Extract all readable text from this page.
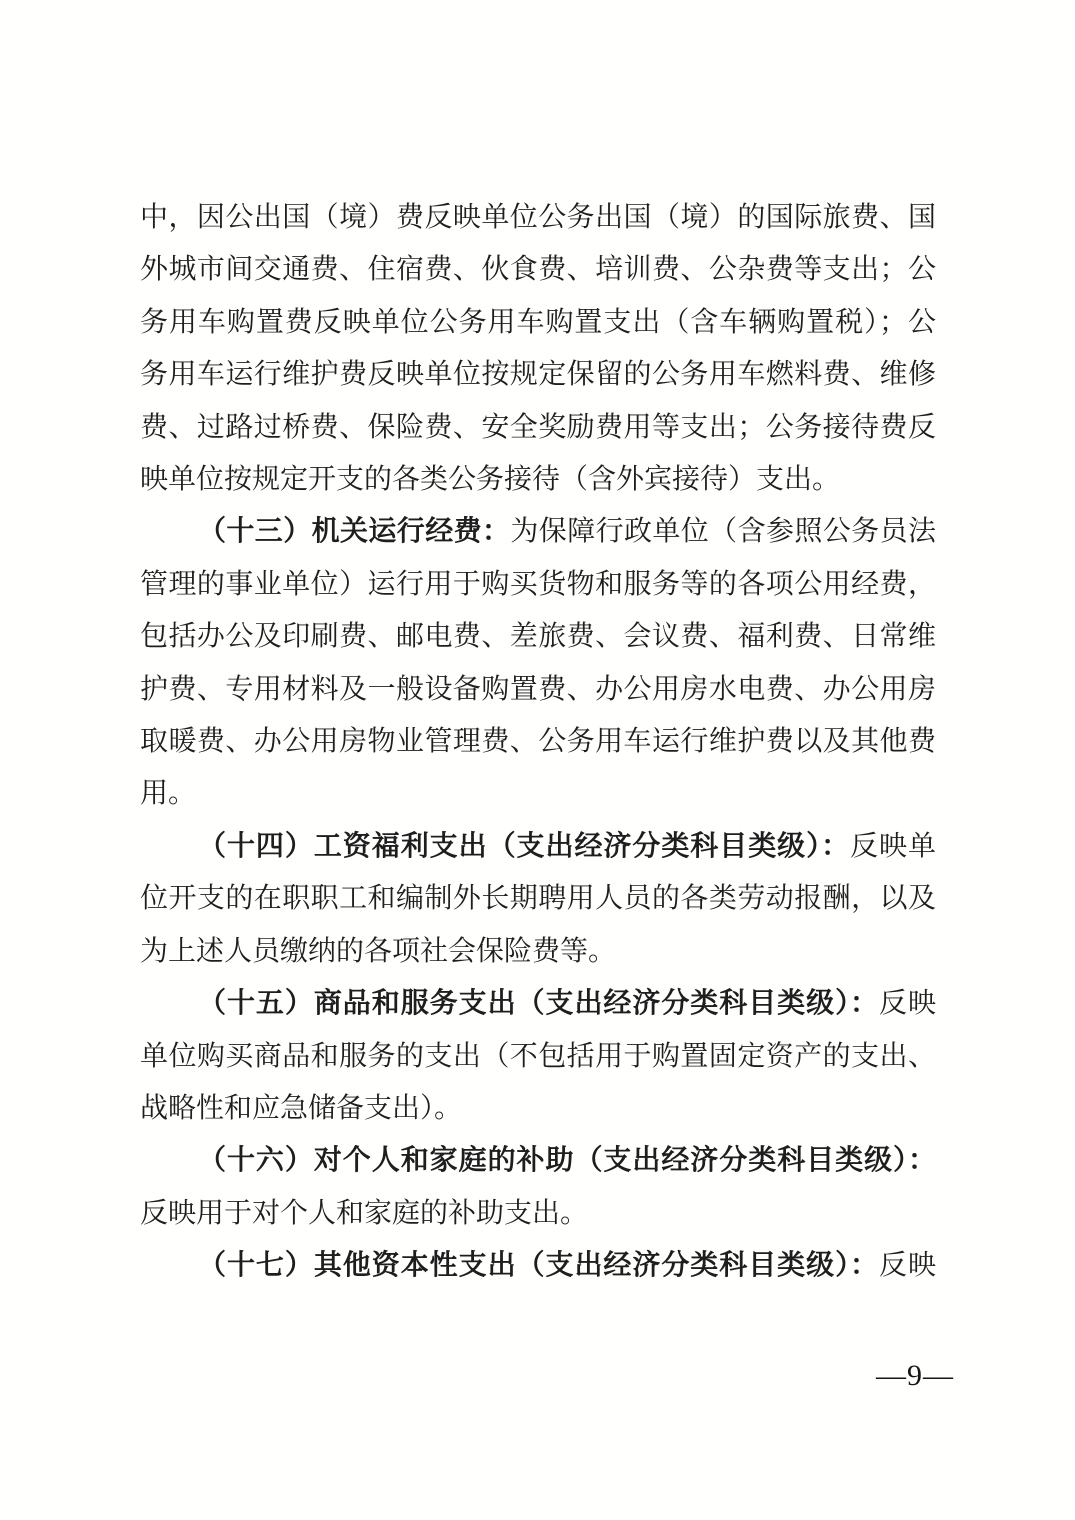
中，因公出国（境）费反映单位公务出国（境）的国际旅费、国
外城市间交通费、住宿费、伙食费、培训费、公杂费等支出；公
务用车购置费反映单位公务用车购置支出（含车辆购置税）；公
务用车运行维护费反映单位按规定保留的公务用车燃料费、维修
费、过路过桥费、保险费、安全奖励费用等支出；公务接待费反
映单位按规定开支的各类公务接待（含外宾接待）支出。
（十三）机关运行经费：为保障行政单位（含参照公务员法
管理的事业单位）运行用于购买货物和服务等的各项公用经费，
包括办公及印刷费、邮电费、差旅费、会议费、福利费、日常维
护费、专用材料及一般设备购置费、办公用房水电费、办公用房
取暖费、办公用房物业管理费、公务用车运行维护费以及其他费
用。
（十四）工资福利支出（支出经济分类科目类级）：反映单
位开支的在职职工和编制外长期聘用人员的各类劳动报酬，以及
为上述人员缴纳的各项社会保险费等。
（十五）商品和服务支出（支出经济分类科目类级）：反映
单位购买商品和服务的支出（不包括用于购置固定资产的支出、
战略性和应急储备支出）。
（十六）对个人和家庭的补助（支出经济分类科目类级）：
反映用于对个人和家庭的补助支出。
（十七）其他资本性支出（支出经济分类科目类级）：反映
—9—
